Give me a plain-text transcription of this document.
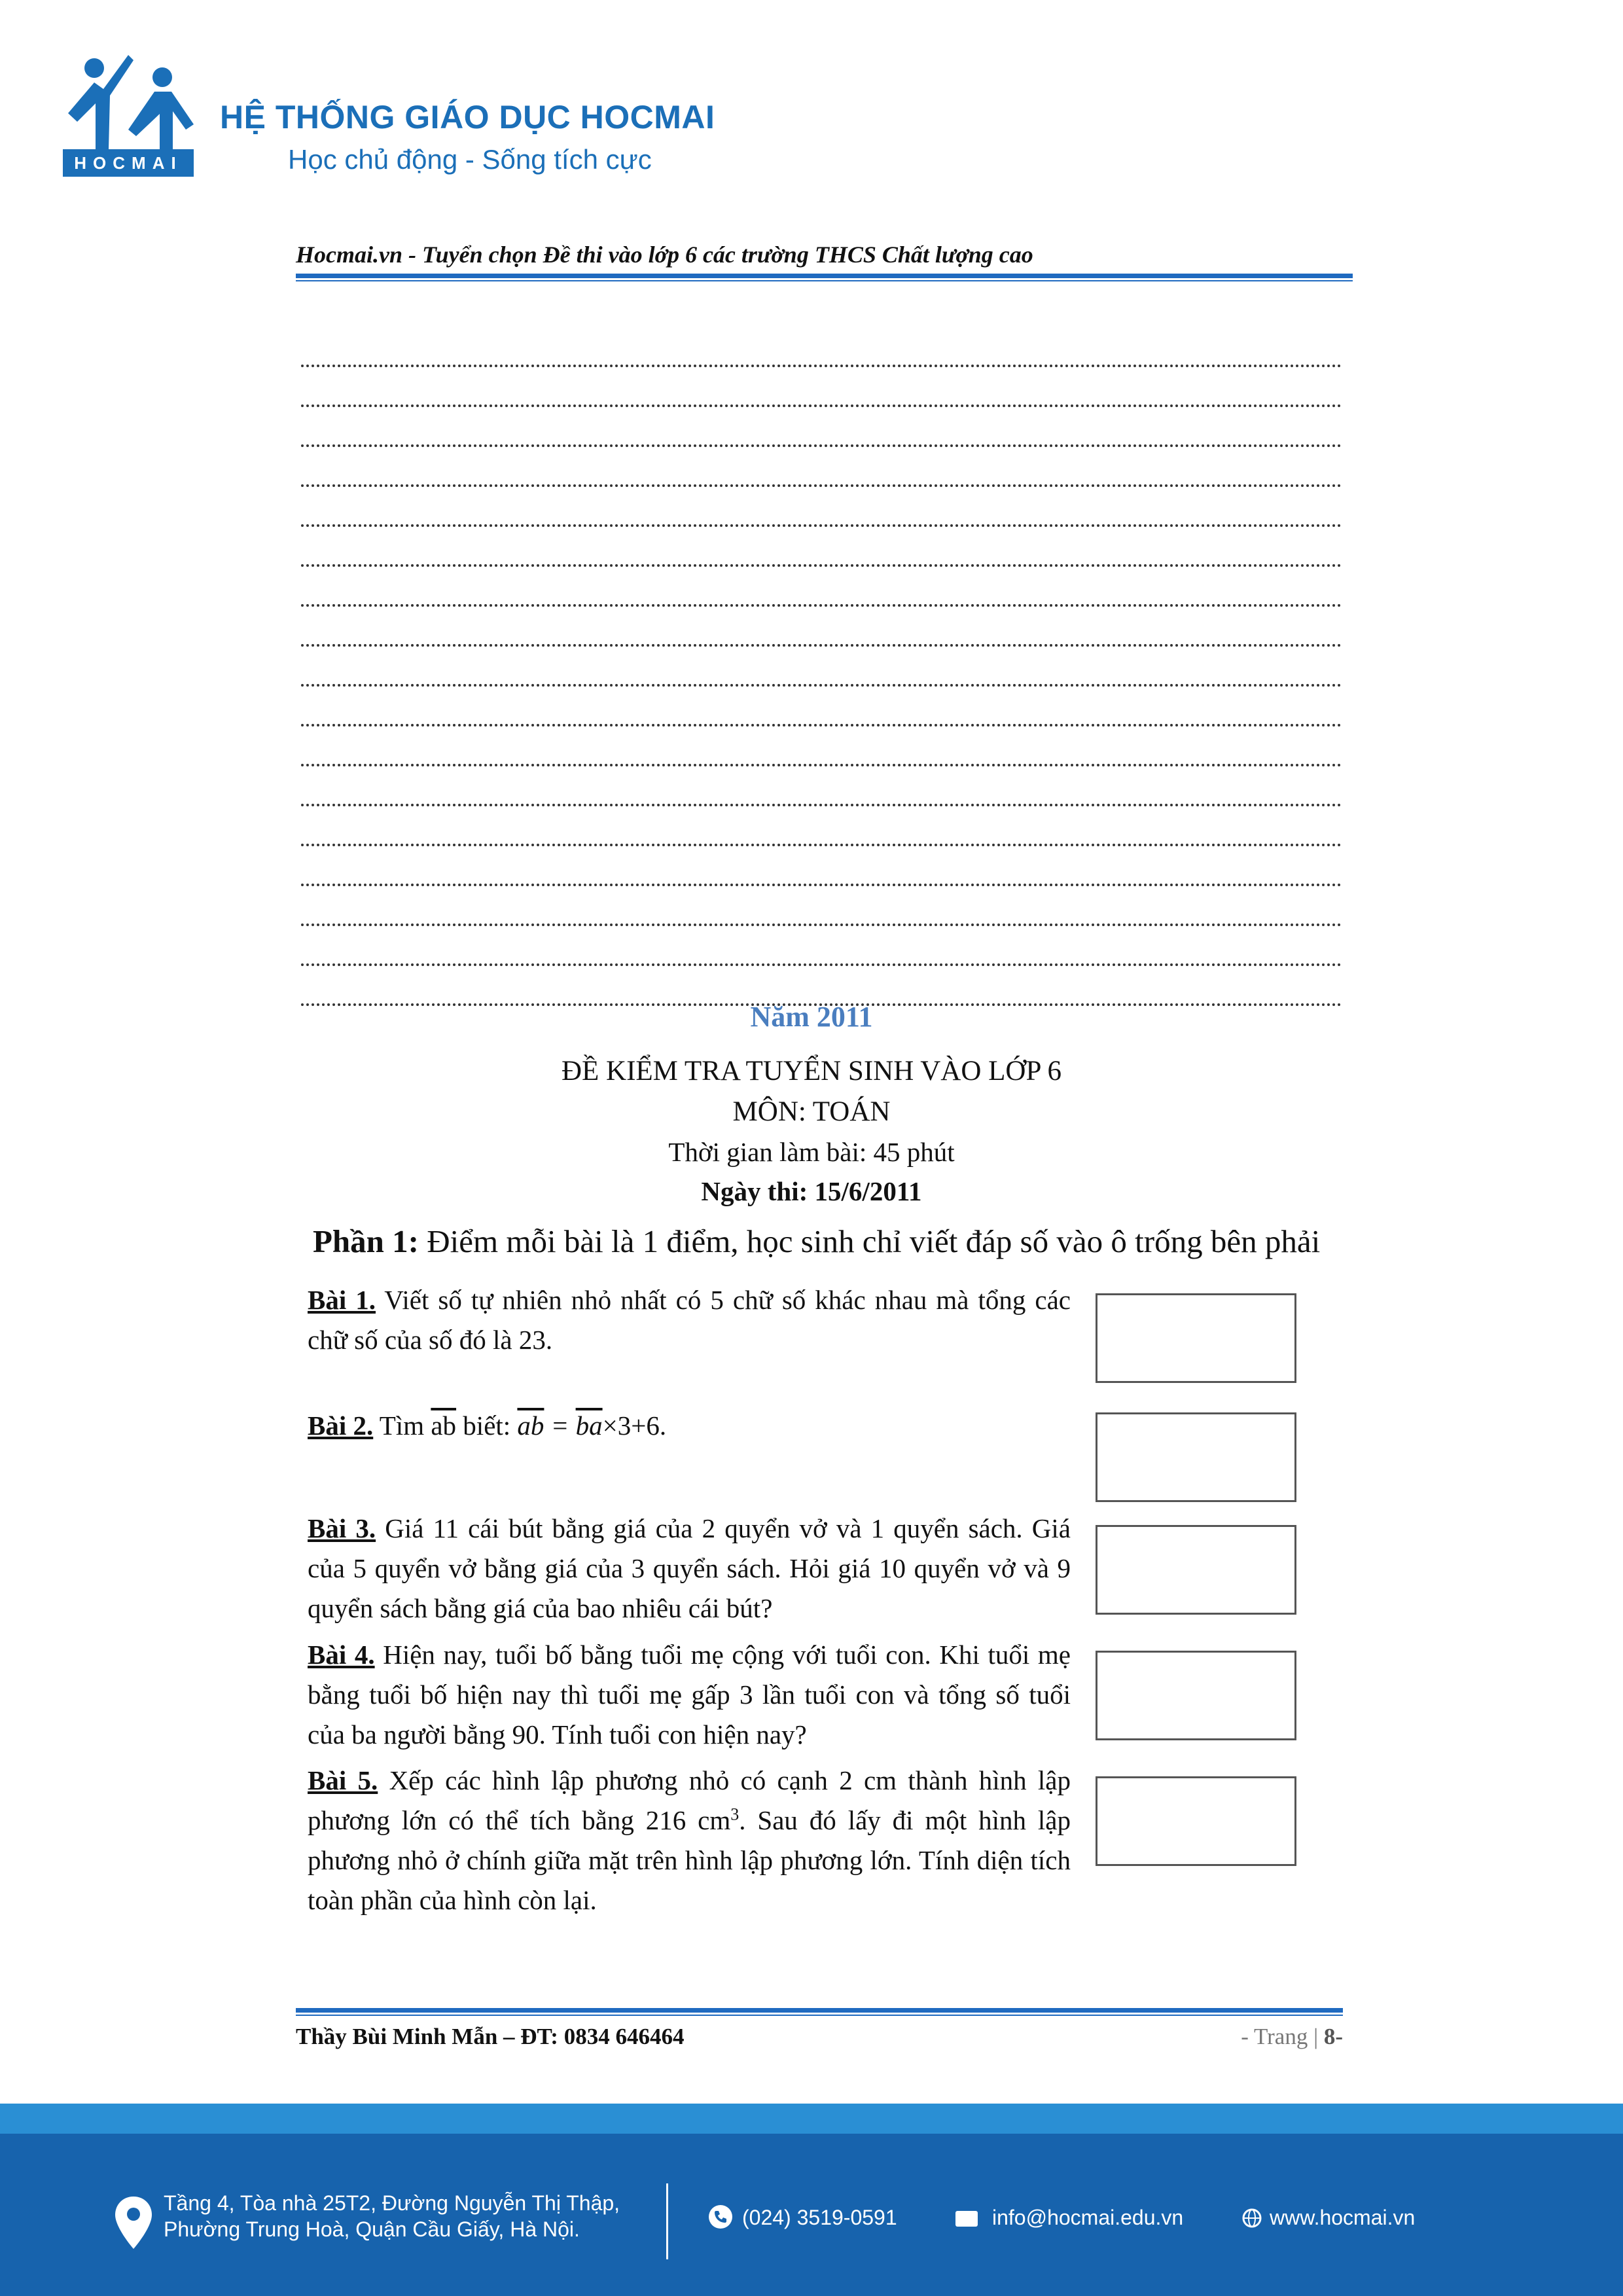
HOCMAI
HỆ THỐNG GIÁO DỤC HOCMAI
Học chủ động - Sống tích cực
Hocmai.vn - Tuyển chọn Đề thi vào lớp 6 các trường THCS Chất lượng cao
Năm 2011
ĐỀ KIỂM TRA TUYỂN SINH VÀO LỚP 6
MÔN: TOÁN
Thời gian làm bài: 45 phút
Ngày thi: 15/6/2011
Phần 1: Điểm mỗi bài là 1 điểm, học sinh chỉ viết đáp số vào ô trống bên phải
Bài 1. Viết số tự nhiên nhỏ nhất có 5 chữ số khác nhau mà tổng các chữ số của số đó là 23.
Bài 2. Tìm $\overline{ab}$ biết: $\overline{ab} = \overline{ba}\times 3+6$.
Bài 3. Giá 11 cái bút bằng giá của 2 quyển vở và 1 quyển sách. Giá của 5 quyển vở bằng giá của 3 quyển sách. Hỏi giá 10 quyển vở và 9 quyển sách bằng giá của bao nhiêu cái bút?
Bài 4. Hiện nay, tuổi bố bằng tuổi mẹ cộng với tuổi con. Khi tuổi mẹ bằng tuổi bố hiện nay thì tuổi mẹ gấp 3 lần tuổi con và tổng số tuổi của ba người bằng 90. Tính tuổi con hiện nay?
Bài 5. Xếp các hình lập phương nhỏ có cạnh 2 cm thành hình lập phương lớn có thể tích bằng 216 $cm^3$. Sau đó lấy đi một hình lập phương nhỏ ở chính giữa mặt trên hình lập phương lớn. Tính diện tích toàn phần của hình còn lại.
Thầy Bùi Minh Mẫn – ĐT: 0834 646464	- Trang | 8-
Tầng 4, Tòa nhà 25T2, Đường Nguyễn Thị Thập,
Phường Trung Hoà, Quận Cầu Giấy, Hà Nội.	(024) 3519-0591	info@hocmai.edu.vn	www.hocmai.vn
